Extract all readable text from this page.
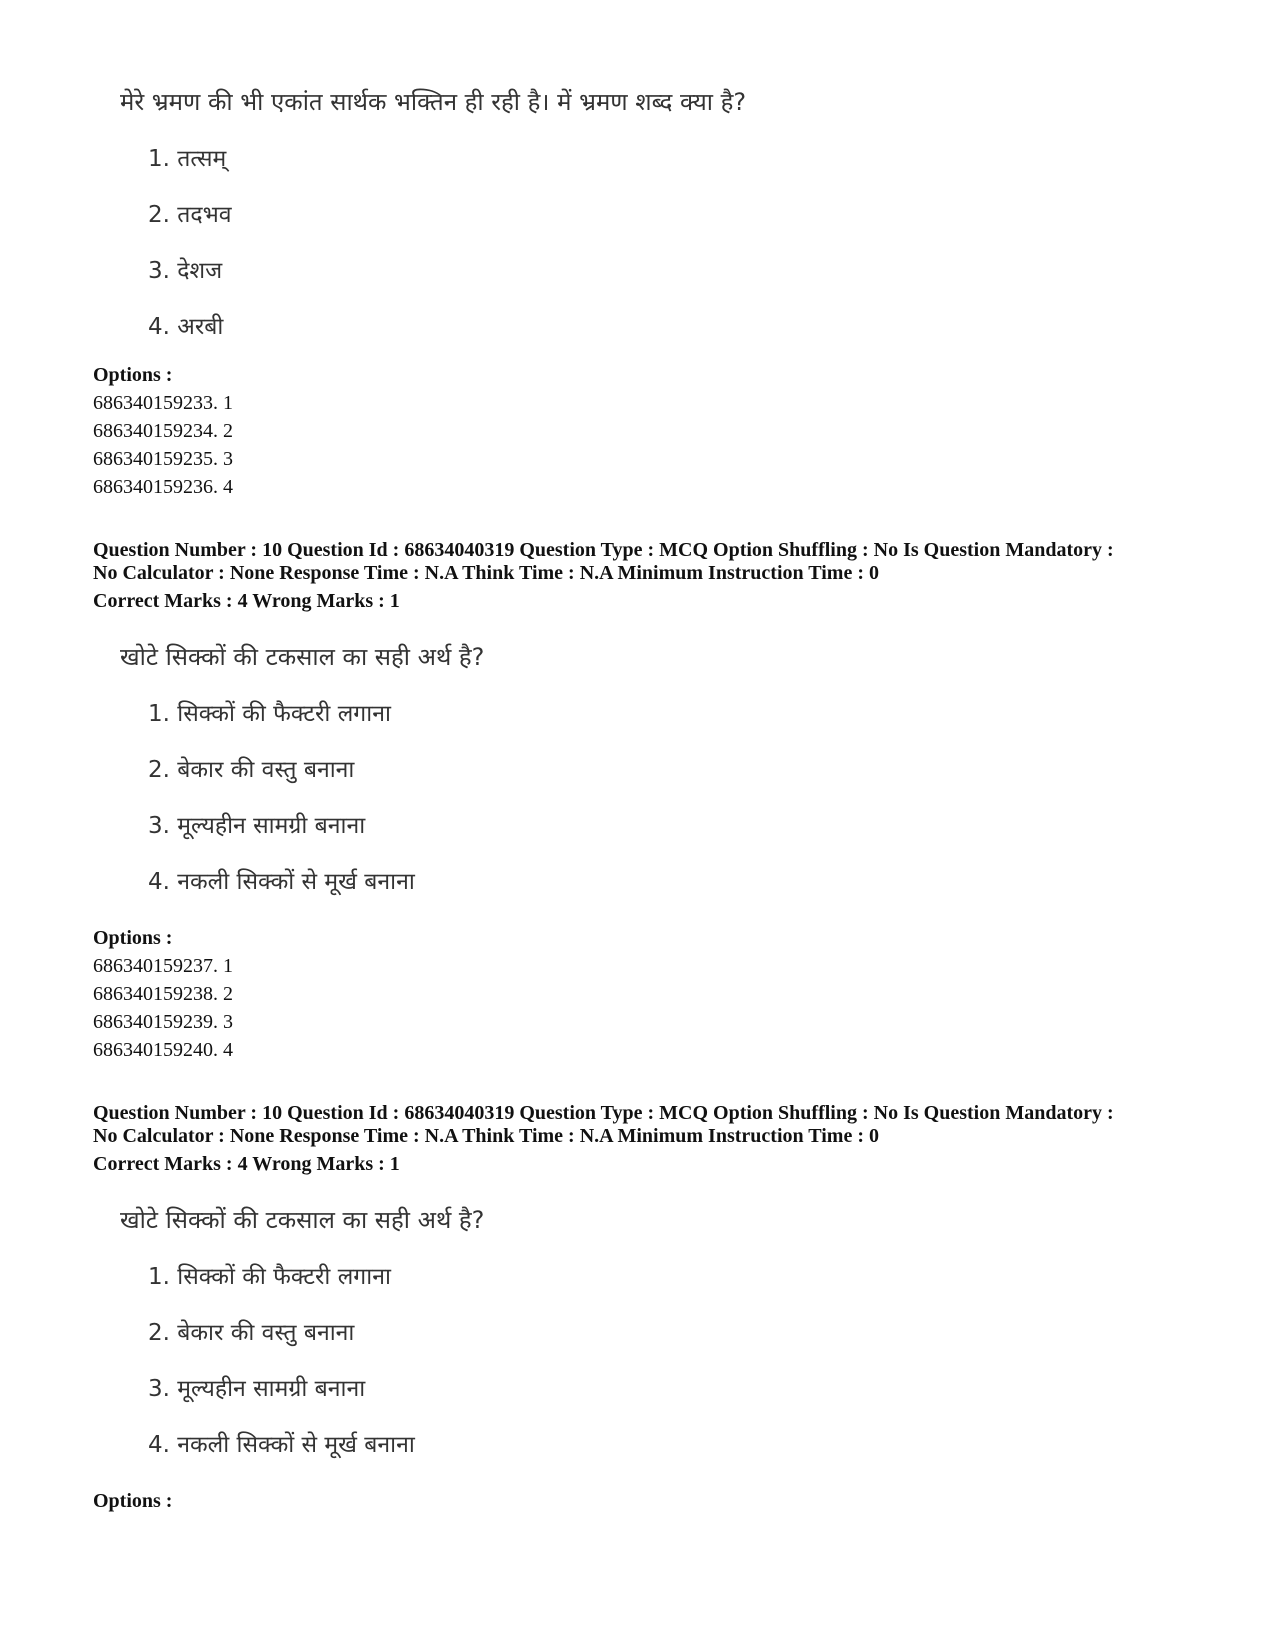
मेरे भ्रमण की भी एकांत सार्थक भक्तिन ही रही है। में भ्रमण शब्द क्या है?
1. तत्सम्
2. तदभव
3. देशज
4. अरबी
Options :
686340159233. 1
686340159234. 2
686340159235. 3
686340159236. 4
Question Number : 10 Question Id : 68634040319 Question Type : MCQ Option Shuffling : No Is Question Mandatory :
No Calculator : None Response Time : N.A Think Time : N.A Minimum Instruction Time : 0
Correct Marks : 4 Wrong Marks : 1
खोटे सिक्कों की टकसाल का सही अर्थ है?
1. सिक्कों की फैक्टरी लगाना
2. बेकार की वस्तु बनाना
3. मूल्यहीन सामग्री बनाना
4. नकली सिक्कों से मूर्ख बनाना
Options :
686340159237. 1
686340159238. 2
686340159239. 3
686340159240. 4
Question Number : 10 Question Id : 68634040319 Question Type : MCQ Option Shuffling : No Is Question Mandatory :
No Calculator : None Response Time : N.A Think Time : N.A Minimum Instruction Time : 0
Correct Marks : 4 Wrong Marks : 1
खोटे सिक्कों की टकसाल का सही अर्थ है?
1. सिक्कों की फैक्टरी लगाना
2. बेकार की वस्तु बनाना
3. मूल्यहीन सामग्री बनाना
4. नकली सिक्कों से मूर्ख बनाना
Options :
